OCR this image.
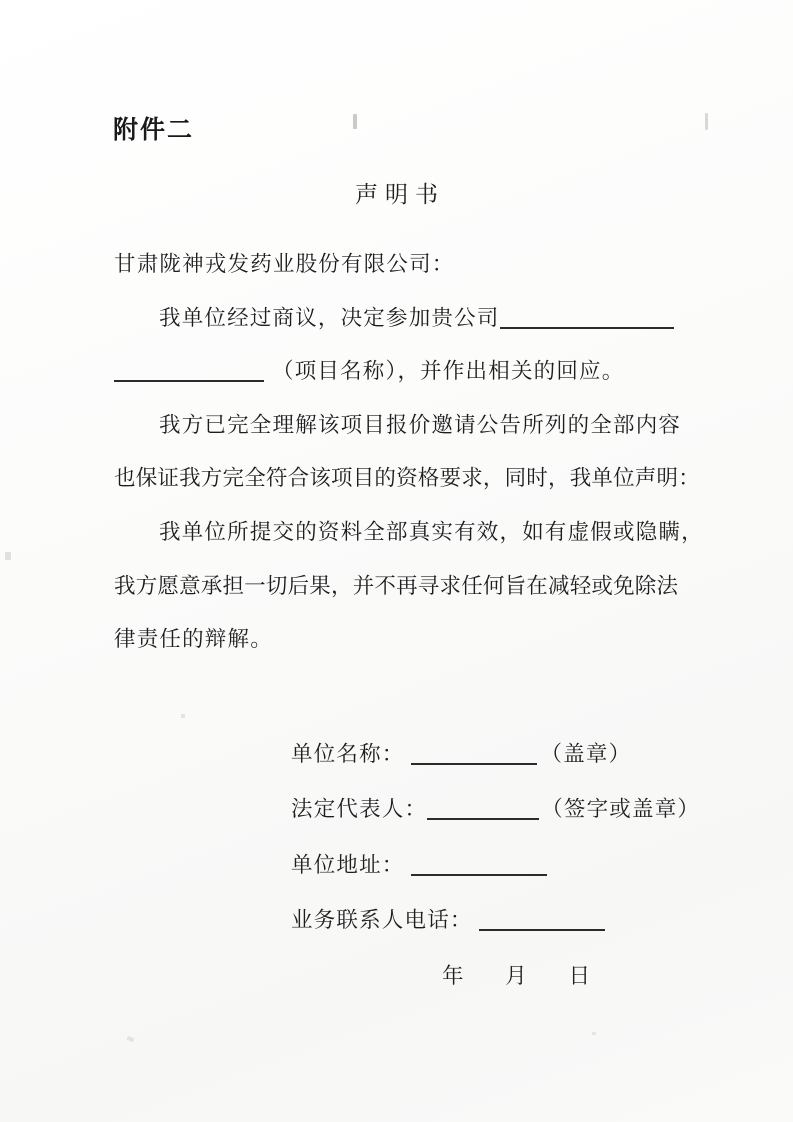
附件二
声明书
甘肃陇神戎发药业股份有限公司：
我单位经过商议，决定参加贵公司
（项目名称），并作出相关的回应。
我方已完全理解该项目报价邀请公告所列的全部内容
也保证我方完全符合该项目的资格要求，同时，我单位声明：
我单位所提交的资料全部真实有效，如有虚假或隐瞒，
我方愿意承担一切后果，并不再寻求任何旨在减轻或免除法
律责任的辩解。
单位名称：	（盖章）
法定代表人：	（签字或盖章）
单位地址：
业务联系人电话：
年 月 日
